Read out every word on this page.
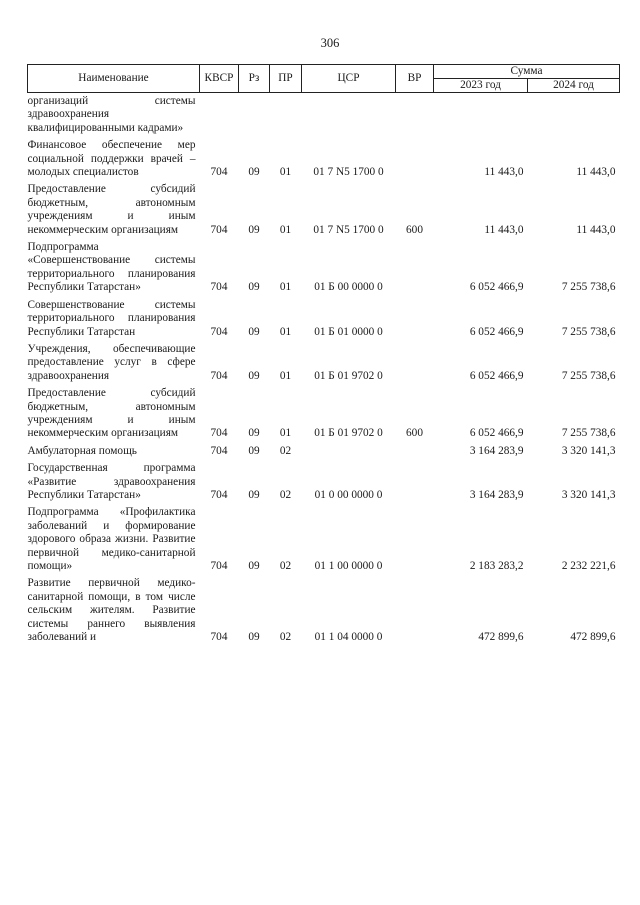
306
Наименование	КВСР	Рз	ПР	ЦСР	ВР	Сумма	
						2023 год	2024 год
организаций системы здравоохранения квалифицированными кадрами»							
Финансовое обеспечение мер социальной поддержки врачей – молодых специалистов	704	09	01	01 7 N5 1700 0		11 443,0	11 443,0
Предоставление субсидий бюджетным, автономным учреждениям и иным некоммерческим организациям	704	09	01	01 7 N5 1700 0	600	11 443,0	11 443,0
Подпрограмма «Совершенствование системы территориального планирования Республики Татарстан»	704	09	01	01 Б 00 0000 0		6 052 466,9	7 255 738,6
Совершенствование системы территориального планирования Республики Татарстан	704	09	01	01 Б 01 0000 0		6 052 466,9	7 255 738,6
Учреждения, обеспечивающие предоставление услуг в сфере здравоохранения	704	09	01	01 Б 01 9702 0		6 052 466,9	7 255 738,6
Предоставление субсидий бюджетным, автономным учреждениям и иным некоммерческим организациям	704	09	01	01 Б 01 9702 0	600	6 052 466,9	7 255 738,6
Амбулаторная помощь	704	09	02			3 164 283,9	3 320 141,3
Государственная программа «Развитие здравоохранения Республики Татарстан»	704	09	02	01 0 00 0000 0		3 164 283,9	3 320 141,3
Подпрограмма «Профилактика заболеваний и формирование здорового образа жизни. Развитие первичной медико-санитарной помощи»	704	09	02	01 1 00 0000 0		2 183 283,2	2 232 221,6
Развитие первичной медико-санитарной помощи, в том числе сельским жителям. Развитие системы раннего выявления заболеваний и	704	09	02	01 1 04 0000 0		472 899,6	472 899,6
